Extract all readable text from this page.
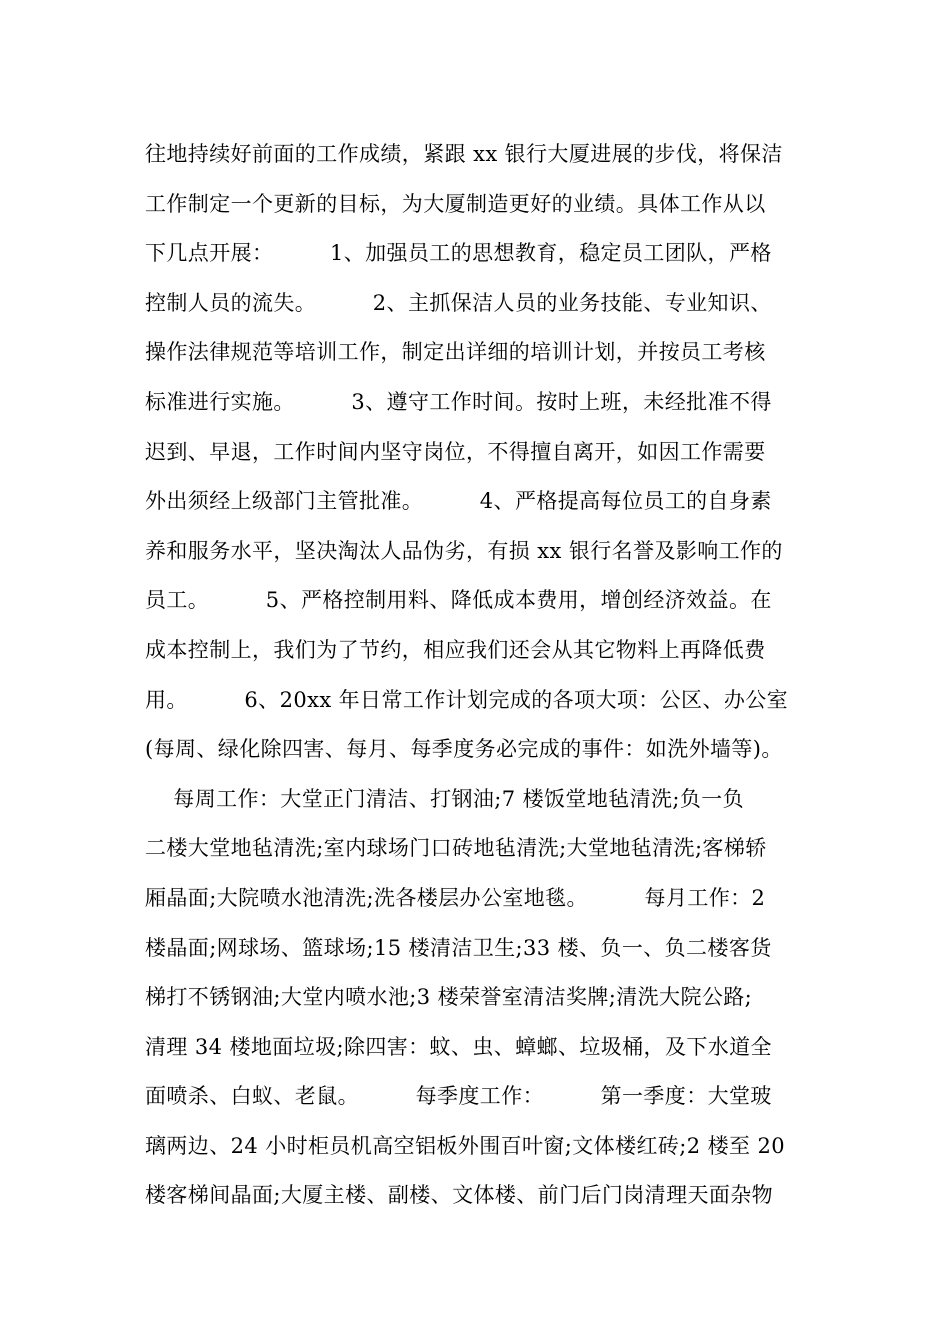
往地持续好前面的工作成绩，紧跟 xx 银行大厦进展的步伐，将保洁
工作制定一个更新的目标，为大厦制造更好的业绩。具体工作从以
下几点开展：        1、加强员工的思想教育，稳定员工团队，严格
控制人员的流失。        2、主抓保洁人员的业务技能、专业知识、
操作法律规范等培训工作，制定出详细的培训计划，并按员工考核
标准进行实施。        3、遵守工作时间。按时上班，未经批准不得
迟到、早退，工作时间内坚守岗位，不得擅自离开，如因工作需要
外出须经上级部门主管批准。        4、严格提高每位员工的自身素
养和服务水平，坚决淘汰人品伪劣，有损 xx 银行名誉及影响工作的
员工。        5、严格控制用料、降低成本费用，增创经济效益。在
成本控制上，我们为了节约，相应我们还会从其它物料上再降低费
用。        6、20xx 年日常工作计划完成的各项大项：公区、办公室
(每周、绿化除四害、每月、每季度务必完成的事件：如洗外墙等)。
每周工作：大堂正门清洁、打钢油;7 楼饭堂地毡清洗;负一负
二楼大堂地毡清洗;室内球场门口砖地毡清洗;大堂地毡清洗;客梯轿
厢晶面;大院喷水池清洗;洗各楼层办公室地毯。        每月工作：2
楼晶面;网球场、篮球场;15 楼清洁卫生;33 楼、负一、负二楼客货
梯打不锈钢油;大堂内喷水池;3 楼荣誉室清洁奖牌;清洗大院公路;
清理 34 楼地面垃圾;除四害：蚊、虫、蟑螂、垃圾桶，及下水道全
面喷杀、白蚁、老鼠。        每季度工作：        第一季度：大堂玻
璃两边、24 小时柜员机高空铝板外围百叶窗;文体楼红砖;2 楼至 20
楼客梯间晶面;大厦主楼、副楼、文体楼、前门后门岗清理天面杂物
